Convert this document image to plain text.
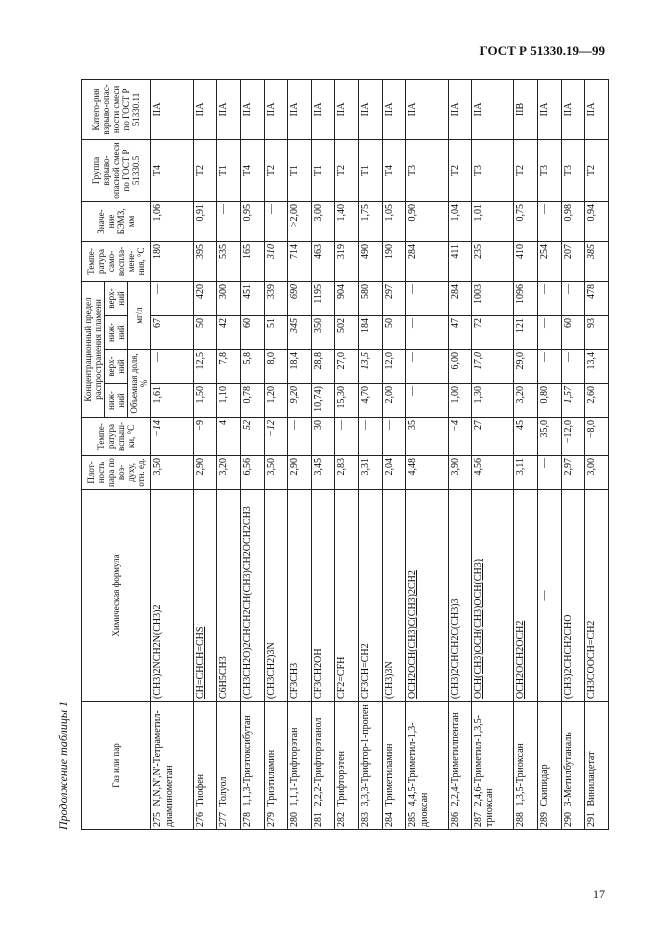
ГОСТ Р 51330.19—99
Продолжение таблицы 1
17
Газ или пар	Химическая формула	Плот-ность пара по воз-духу, отн. ед.	Темпе-ратура вспыш-ки, °С	Концентрационный предел распространения пламени				Темпе-ратура само-воспла-мене-ния, °С	Значе-ние БЭМЗ, мм	Группа взрыво-опасной смеси по ГОСТ Р 51330.5	Катего-рия взрыво-опас-ности смеси по ГОСТ Р 51330.11
				ниж-ний	верх-ний	ниж-ний	верх-ний				
				Объемная доля, %		мг/л					
275 N,N,N',N'-Тетраметил-диаминометан	(CH3)2NCH2N(CH3)2	3,50	−14	1,61	—	67	—	180	1,06	T4	IIA
276 Тиофен	CH=CHCH=CHS	2,90	−9	1,50	12,5	50	420	395	0,91	T2	IIA
277 Толуол	C6H5CH3	3,20	4	1,10	7,8	42	300	535	—	T1	IIA
278 1,1,3-Триэтоксибутан	(CH3CH2O)2CHCH2CH(CH3)CH2OCH2CH3	6,56	52	0,78	5,8	60	451	165	0,95	T4	IIA
279 Триэтиламин	(CH3CH2)3N	3,50	−12	1,20	8,0	51	339	310	—	T2	IIA
280 1,1,1-Трифторэтан	CF3CH3	2,90	—	9,20	18,4	345	690	714	>2,00	T1	IIA
281 2,2,2-Трифторэтанол	CF3CH2OH	3,45	30	10,74)	28,8	350	1195	463	3,00	T1	IIA
282 Трифторэтен	CF2=CFH	2,83	—	15,30	27,0	502	904	319	1,40	T2	IIA
283 3,3,3-Трифтор-1-пропен	CF3CH=CH2	3,31	—	4,70	13,5	184	580	490	1,75	T1	IIA
284 Триметиламин	(CH3)3N	2,04	—	2,00	12,0	50	297	190	1,05	T4	IIA
285 4,4,5-Триметил-1,3-диоксан	OCH2OCH(CH3)C(CH3)2CH2	4,48	35	—	—	—	—	284	0,90	T3	IIA
286 2,2,4-Триметилпентан	(CH3)2CHCH2C(CH3)3	3,90	−4	1,00	6,00	47	284	411	1,04	T2	IIA
287 2,4,6-Триметил-1,3,5-триоксан	OCH(CH3)OCH(CH3)OCH(CH3)	4,56	27	1,30	17,0	72	1003	235	1,01	T3	IIA
288 1,3,5-Триоксан	OCH2OCH2OCH2	3,11	45	3,20	29,0	121	1096	410	0,75	T2	IIB
289 Скипидар	—	—	35,0	0,80	—	—	—	254	—	T3	IIA
290 3-Метилбутаналь	(CH3)2CHCH2CHO	2,97	−12,0	1,57	—	60	—	207	0,98	T3	IIA
291 Винилацетат	CH3COOCH=CH2	3,00	−8,0	2,60	13,4	93	478	385	0,94	T2	IIA
